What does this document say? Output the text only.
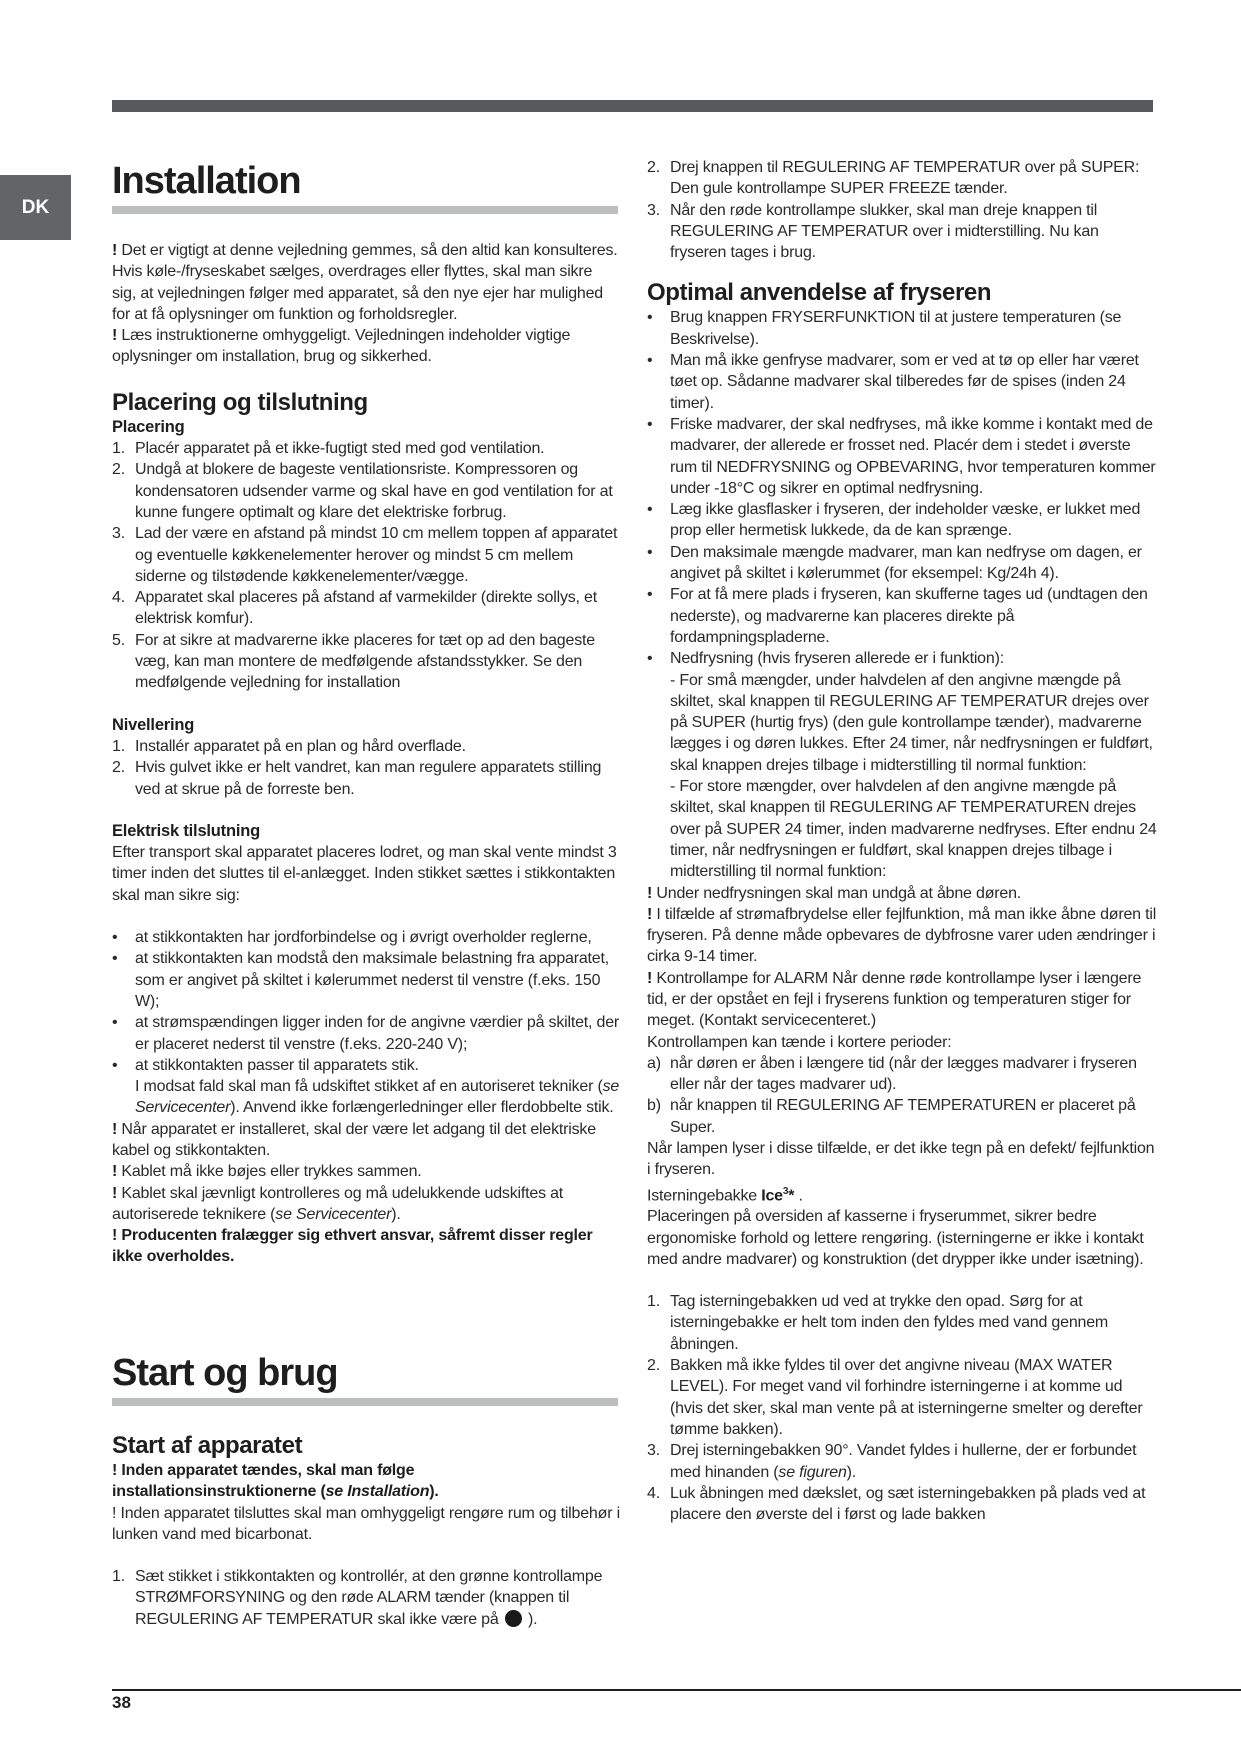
DK
Installation

! Det er vigtigt at denne vejledning gemmes, så den altid kan konsulteres. Hvis køle-/fryseskabet sælges, overdrages eller flyttes, skal man sikre sig, at vejledningen følger med apparatet, så den nye ejer har mulighed for at få oplysninger om funktion og forholdsregler.

! Læs instruktionerne omhyggeligt. Vejledningen indeholder vigtige oplysninger om installation, brug og sikkerhed.

Placering og tilslutning
Placering
1. Placér apparatet på et ikke-fugtigt sted med god ventilation.
2. Undgå at blokere de bageste ventilationsriste. Kompressoren og kondensatoren udsender varme og skal have en god ventilation for at kunne fungere optimalt og klare det elektriske forbrug.
3. Lad der være en afstand på mindst 10 cm mellem toppen af apparatet og eventuelle køkkenelementer herover og mindst 5 cm mellem siderne og tilstødende køkkenelementer/vægge.
4. Apparatet skal placeres på afstand af varmekilder (direkte sollys, et elektrisk komfur).
5. For at sikre at madvarerne ikke placeres for tæt op ad den bageste væg, kan man montere de medfølgende afstandsstykker. Se den medfølgende vejledning for installation
Nivellering
1. Installér apparatet på en plan og hård overflade.
2. Hvis gulvet ikke er helt vandret, kan man regulere apparatets stilling ved at skrue på de forreste ben.
Elektrisk tilslutning

Efter transport skal apparatet placeres lodret, og man skal vente mindst 3 timer inden det sluttes til el-anlægget. Inden stikket sættes i stikkontakten skal man sikre sig:

• at stikkontakten har jordforbindelse og i øvrigt overholder reglerne,
• at stikkontakten kan modstå den maksimale belastning fra apparatet, som er angivet på skiltet i kølerummet nederst til venstre (f.eks. 150 W);
• at strømspændingen ligger inden for de angivne værdier på skiltet, der er placeret nederst til venstre (f.eks. 220-240 V);
• at stikkontakten passer til apparatets stik.
I modsat fald skal man få udskiftet stikket af en autoriseret tekniker (se Servicecenter). Anvend ikke forlængerledninger eller flerdobbelte stik.

! Når apparatet er installeret, skal der være let adgang til det elektriske kabel og stikkontakten.

! Kablet må ikke bøjes eller trykkes sammen.

! Kablet skal jævnligt kontrolleres og må udelukkende udskiftes at autoriserede teknikere (se Servicecenter).

! Producenten fralægger sig ethvert ansvar, såfremt disser regler ikke overholdes.

Start og brug
Start af apparatet

! Inden apparatet tændes, skal man følge installationsinstruktionerne (se Installation).

! Inden apparatet tilsluttes skal man omhyggeligt rengøre rum og tilbehør i lunken vand med bicarbonat.

1. Sæt stikket i stikkontakten og kontrollér, at den grønne kontrollampe STRØMFORSYNING og den røde ALARM tænder (knappen til REGULERING AF TEMPERATUR skal ikke være på  ).
2. Drej knappen til REGULERING AF TEMPERATUR over på SUPER: Den gule kontrollampe SUPER FREEZE tænder.
3. Når den røde kontrollampe slukker, skal man dreje knappen til REGULERING AF TEMPERATUR over i midterstilling. Nu kan fryseren tages i brug.
Optimal anvendelse af fryseren
• Brug knappen FRYSERFUNKTION til at justere temperaturen (se Beskrivelse).
• Man må ikke genfryse madvarer, som er ved at tø op eller har været tøet op. Sådanne madvarer skal tilberedes før de spises (inden 24 timer).
• Friske madvarer, der skal nedfryses, må ikke komme i kontakt med de madvarer, der allerede er frosset ned. Placér dem i stedet i øverste rum til NEDFRYSNING og OPBEVARING, hvor temperaturen kommer under -18°C og sikrer en optimal nedfrysning.
• Læg ikke glasflasker i fryseren, der indeholder væske, er lukket med prop eller hermetisk lukkede, da de kan sprænge.
• Den maksimale mængde madvarer, man kan nedfryse om dagen, er angivet på skiltet i kølerummet (for eksempel: Kg/24h 4).
• For at få mere plads i fryseren, kan skufferne tages ud (undtagen den nederste), og madvarerne kan placeres direkte på fordampningspladerne.
• Nedfrysning (hvis fryseren allerede er i funktion):
- For små mængder, under halvdelen af den angivne mængde på skiltet, skal knappen til REGULERING AF TEMPERATUR drejes over på SUPER (hurtig frys) (den gule kontrollampe tænder), madvarerne lægges i og døren lukkes. Efter 24 timer, når nedfrysningen er fuldført, skal knappen drejes tilbage i midterstilling til normal funktion:
- For store mængder, over halvdelen af den angivne mængde på skiltet, skal knappen til REGULERING AF TEMPERATUREN drejes over på SUPER 24 timer, inden madvarerne nedfryses. Efter endnu 24 timer, når nedfrysningen er fuldført, skal knappen drejes tilbage i midterstilling til normal funktion:

! Under nedfrysningen skal man undgå at åbne døren.

! I tilfælde af strømafbrydelse eller fejlfunktion, må man ikke åbne døren til fryseren. På denne måde opbevares de dybfrosne varer uden ændringer i cirka 9-14 timer.

! Kontrollampe for ALARM Når denne røde kontrollampe lyser i længere tid, er der opstået en fejl i fryserens funktion og temperaturen stiger for meget. (Kontakt servicecenteret.)

Kontrollampen kan tænde i kortere perioder:

a) når døren er åben i længere tid (når der lægges madvarer i fryseren eller når der tages madvarer ud).
b) når knappen til REGULERING AF TEMPERATUREN er placeret på Super.

Når lampen lyser i disse tilfælde, er det ikke tegn på en defekt/ fejlfunktion i fryseren.

Isterningebakke Ice$^3$* .

Placeringen på oversiden af kasserne i fryserummet, sikrer bedre ergonomiske forhold og lettere rengøring. (isterningerne er ikke i kontakt med andre madvarer) og konstruktion (det drypper ikke under isætning).

1. Tag isterningebakken ud ved at trykke den opad. Sørg for at isterningebakke er helt tom inden den fyldes med vand gennem åbningen.
2. Bakken må ikke fyldes til over det angivne niveau (MAX WATER LEVEL). For meget vand vil forhindre isterningerne i at komme ud (hvis det sker, skal man vente på at isterningerne smelter og derefter tømme bakken).
3. Drej isterningebakken 90°. Vandet fyldes i hullerne, der er forbundet med hinanden (se figuren).
4. Luk åbningen med dækslet, og sæt isterningebakken på plads ved at placere den øverste del i først og lade bakken
38
